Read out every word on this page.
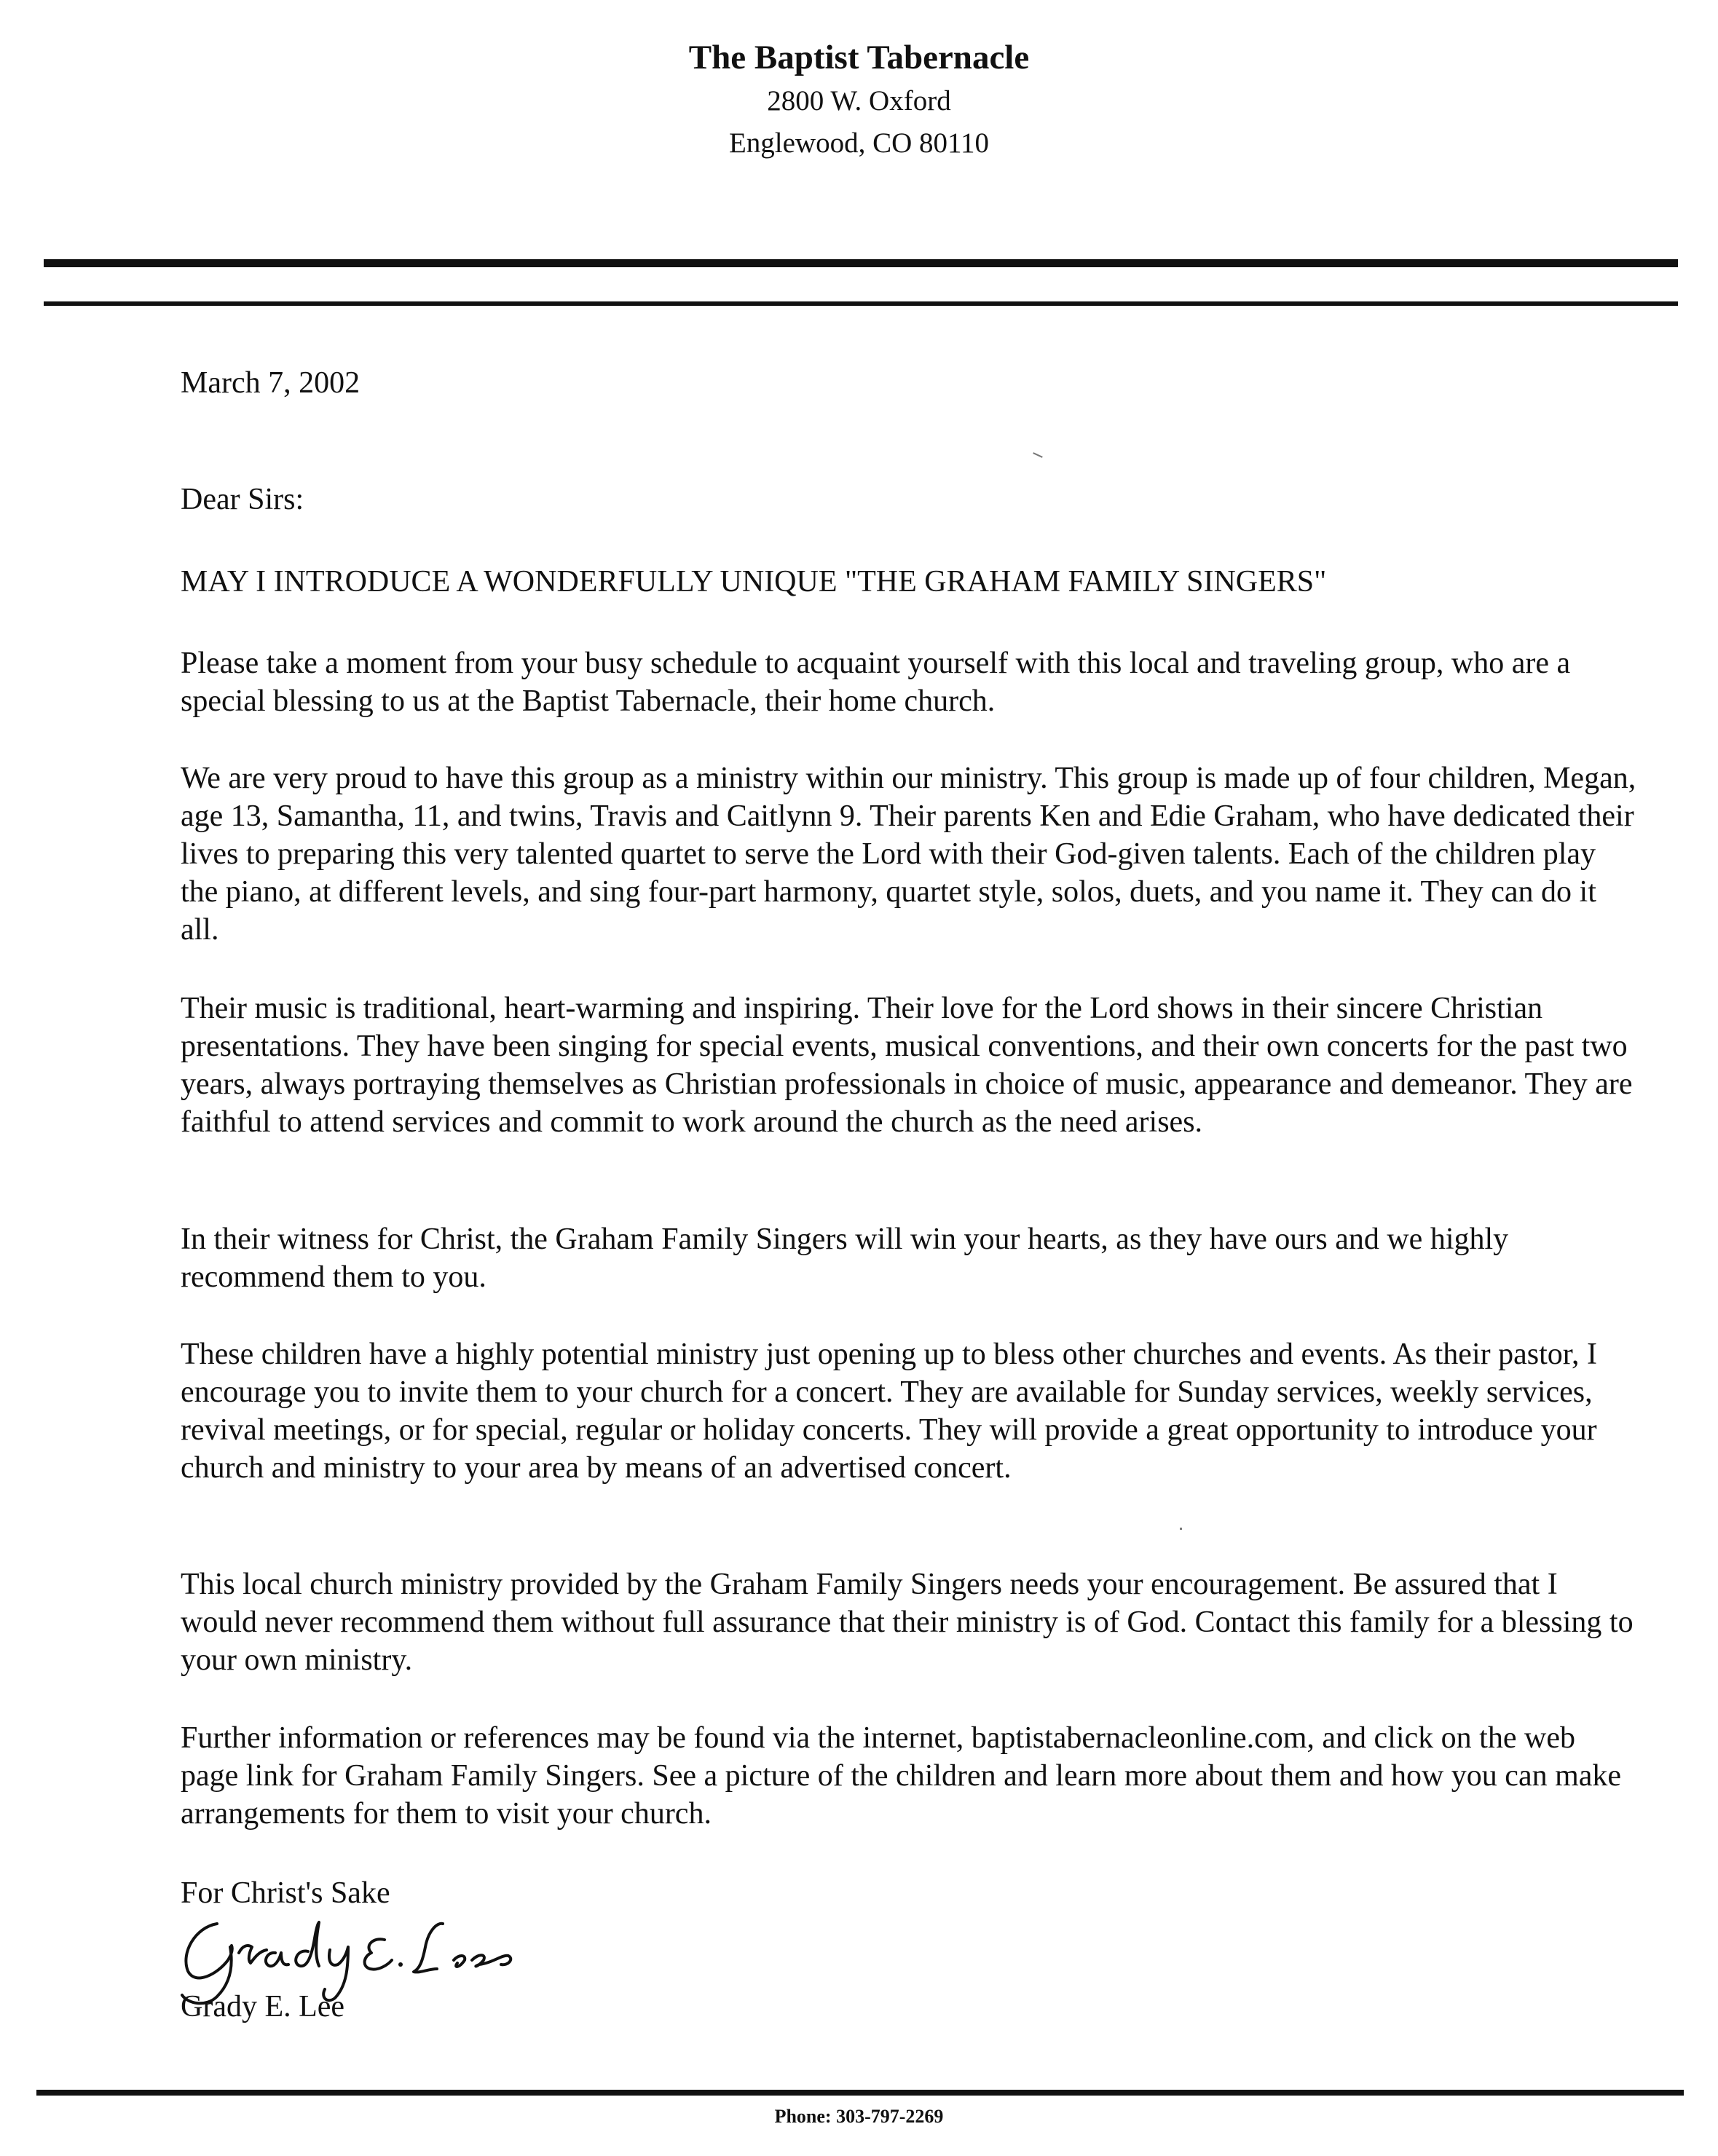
The Baptist Tabernacle
2800 W. Oxford
Englewood, CO 80110
March 7, 2002
Dear Sirs:
MAY I INTRODUCE A WONDERFULLY UNIQUE "THE GRAHAM FAMILY SINGERS"

Please take a moment from your busy schedule to acquaint yourself with this local and traveling group, who are a special blessing to us at the Baptist Tabernacle, their home church.

We are very proud to have this group as a ministry within our ministry. This group is made up of four children, Megan, age 13, Samantha, 11, and twins, Travis and Caitlynn 9. Their parents Ken and Edie Graham, who have dedicated their lives to preparing this very talented quartet to serve the Lord with their God-given talents. Each of the children play the piano, at different levels, and sing four-part harmony, quartet style, solos, duets, and you name it. They can do it all.

Their music is traditional, heart-warming and inspiring. Their love for the Lord shows in their sincere Christian presentations. They have been singing for special events, musical conventions, and their own concerts for the past two years, always portraying themselves as Christian professionals in choice of music, appearance and demeanor. They are faithful to attend services and commit to work around the church as the need arises.

In their witness for Christ, the Graham Family Singers will win your hearts, as they have ours and we highly recommend them to you.

These children have a highly potential ministry just opening up to bless other churches and events. As their pastor, I encourage you to invite them to your church for a concert. They are available for Sunday services, weekly services, revival meetings, or for special, regular or holiday concerts. They will provide a great opportunity to introduce your church and ministry to your area by means of an advertised concert.

This local church ministry provided by the Graham Family Singers needs your encouragement. Be assured that I would never recommend them without full assurance that their ministry is of God. Contact this family for a blessing to your own ministry.

Further information or references may be found via the internet, baptistabernacleonline.com, and click on the web page link for Graham Family Singers. See a picture of the children and learn more about them and how you can make arrangements for them to visit your church.

For Christ's Sake
Grady E. Lee
Phone: 303-797-2269
